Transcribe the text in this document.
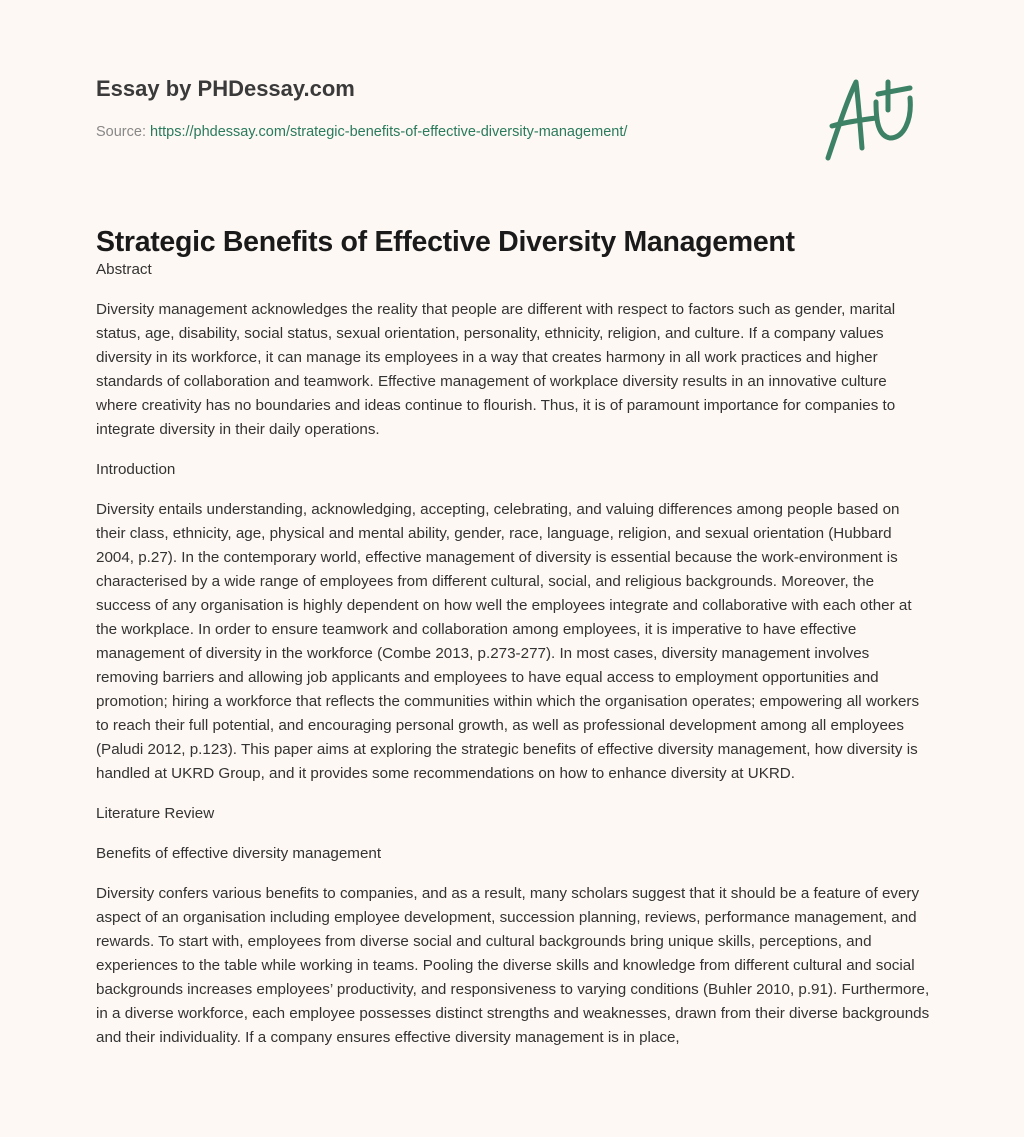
Essay by PHDessay.com
Source: https://phdessay.com/strategic-benefits-of-effective-diversity-management/
Strategic Benefits of Effective Diversity Management

Abstract

Diversity management acknowledges the reality that people are different with respect to factors such as gender, marital status, age, disability, social status, sexual orientation, personality, ethnicity, religion, and culture. If a company values diversity in its workforce, it can manage its employees in a way that creates harmony in all work practices and higher standards of collaboration and teamwork. Effective management of workplace diversity results in an innovative culture where creativity has no boundaries and ideas continue to flourish. Thus, it is of paramount importance for companies to integrate diversity in their daily operations.

Introduction

Diversity entails understanding, acknowledging, accepting, celebrating, and valuing differences among people based on their class, ethnicity, age, physical and mental ability, gender, race, language, religion, and sexual orientation (Hubbard 2004, p.27). In the contemporary world, effective management of diversity is essential because the work-environment is characterised by a wide range of employees from different cultural, social, and religious backgrounds. Moreover, the success of any organisation is highly dependent on how well the employees integrate and collaborative with each other at the workplace. In order to ensure teamwork and collaboration among employees, it is imperative to have effective management of diversity in the workforce (Combe 2013, p.273-277). In most cases, diversity management involves removing barriers and allowing job applicants and employees to have equal access to employment opportunities and promotion; hiring a workforce that reflects the communities within which the organisation operates; empowering all workers to reach their full potential, and encouraging personal growth, as well as professional development among all employees (Paludi 2012, p.123). This paper aims at exploring the strategic benefits of effective diversity management, how diversity is handled at UKRD Group, and it provides some recommendations on how to enhance diversity at UKRD.

Literature Review

Benefits of effective diversity management

Diversity confers various benefits to companies, and as a result, many scholars suggest that it should be a feature of every aspect of an organisation including employee development, succession planning, reviews, performance management, and rewards. To start with, employees from diverse social and cultural backgrounds bring unique skills, perceptions, and experiences to the table while working in teams. Pooling the diverse skills and knowledge from different cultural and social backgrounds increases employees’ productivity, and responsiveness to varying conditions (Buhler 2010, p.91). Furthermore, in a diverse workforce, each employee possesses distinct strengths and weaknesses, drawn from their diverse backgrounds and their individuality. If a company ensures effective diversity management is in place,
